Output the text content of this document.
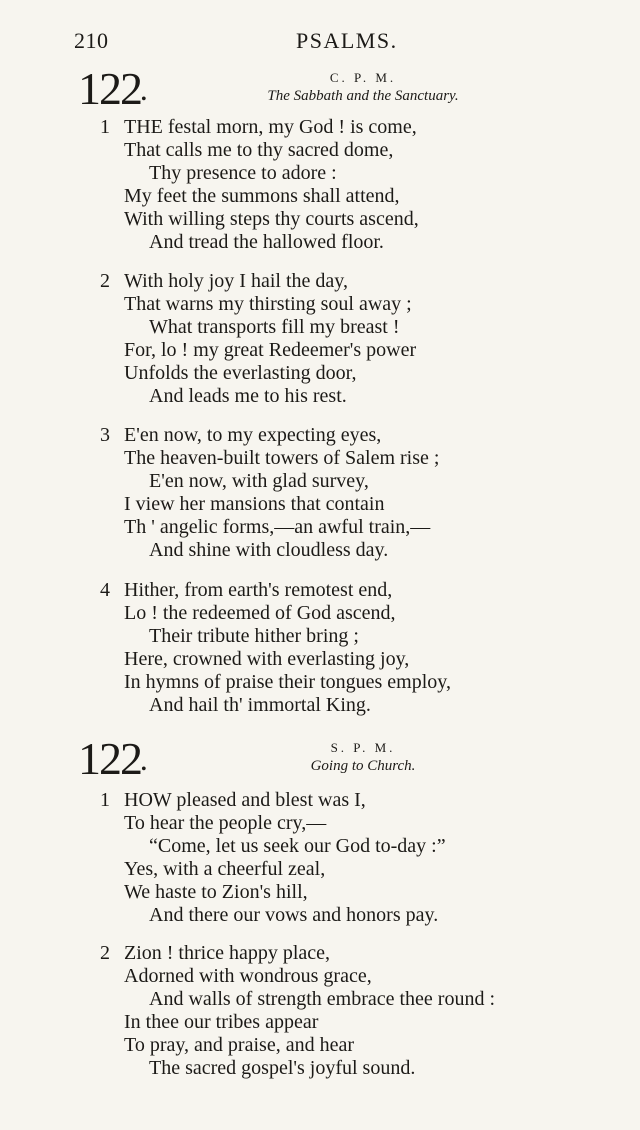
210	PSALMS.
122•
C. P. M.
The Sabbath and the Sanctuary.
1 THE festal morn, my God ! is come,
That calls me to thy sacred dome,
Thy presence to adore :
My feet the summons shall attend,
With willing steps thy courts ascend,
And tread the hallowed floor.
2 With holy joy I hail the day,
That warns my thirsting soul away ;
What transports fill my breast !
For, lo ! my great Redeemer's power
Unfolds the everlasting door,
And leads me to his rest.
3 E'en now, to my expecting eyes,
The heaven-built towers of Salem rise ;
E'en now, with glad survey,
I view her mansions that contain
Th ' angelic forms,—an awful train,—
And shine with cloudless day.
4 Hither, from earth's remotest end,
Lo ! the redeemed of God ascend,
Their tribute hither bring ;
Here, crowned with everlasting joy,
In hymns of praise their tongues employ,
And hail th' immortal King.
122•
S. P. M.
Going to Church.
1 HOW pleased and blest was I,
To hear the people cry,—
“Come, let us seek our God to-day :”
Yes, with a cheerful zeal,
We haste to Zion's hill,
And there our vows and honors pay.
2 Zion ! thrice happy place,
Adorned with wondrous grace,
And walls of strength embrace thee round :
In thee our tribes appear
To pray, and praise, and hear
The sacred gospel's joyful sound.
